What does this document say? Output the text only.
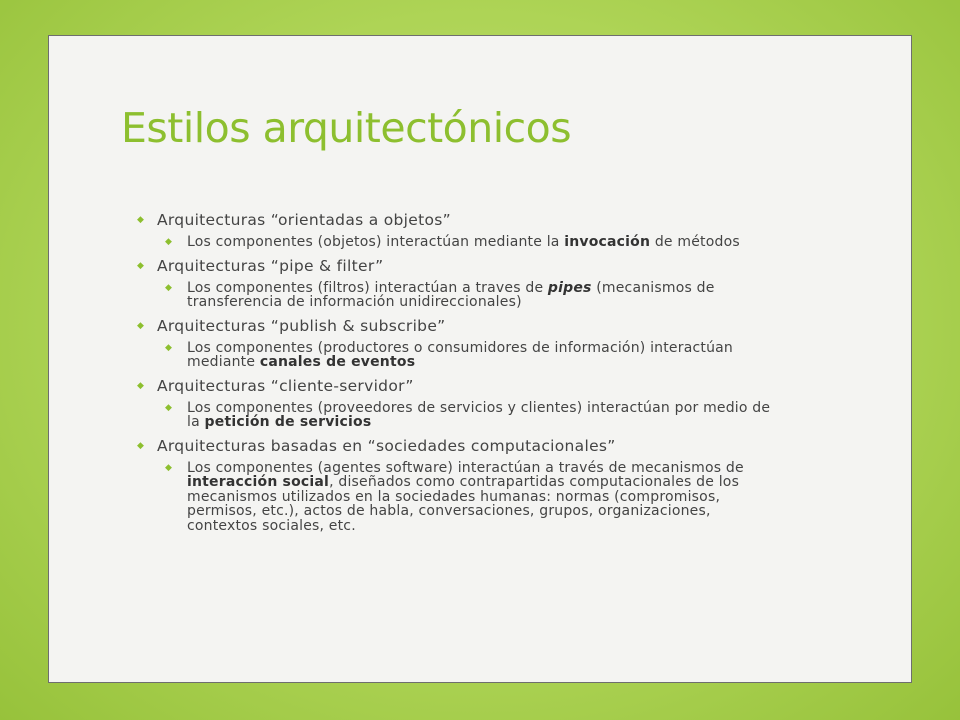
Estilos arquitectónicos
◆ Arquitecturas “orientadas a objetos”
◆ Los componentes (objetos) interactúan mediante la invocación de métodos
◆ Arquitecturas “pipe & filter”
◆ Los componentes (filtros) interactúan a traves de pipes (mecanismos de transferencia de información unidireccionales)
◆ Arquitecturas “publish & subscribe”
◆ Los componentes (productores o consumidores de información) interactúan mediante canales de eventos
◆ Arquitecturas “cliente-servidor”
◆ Los componentes (proveedores de servicios y clientes) interactúan por medio de la petición de servicios
◆ Arquitecturas basadas en “sociedades computacionales”
◆ Los componentes (agentes software) interactúan a través de mecanismos de interacción social, diseñados como contrapartidas computacionales de los mecanismos utilizados en la sociedades humanas: normas (compromisos, permisos, etc.), actos de habla, conversaciones, grupos, organizaciones, contextos sociales, etc.
